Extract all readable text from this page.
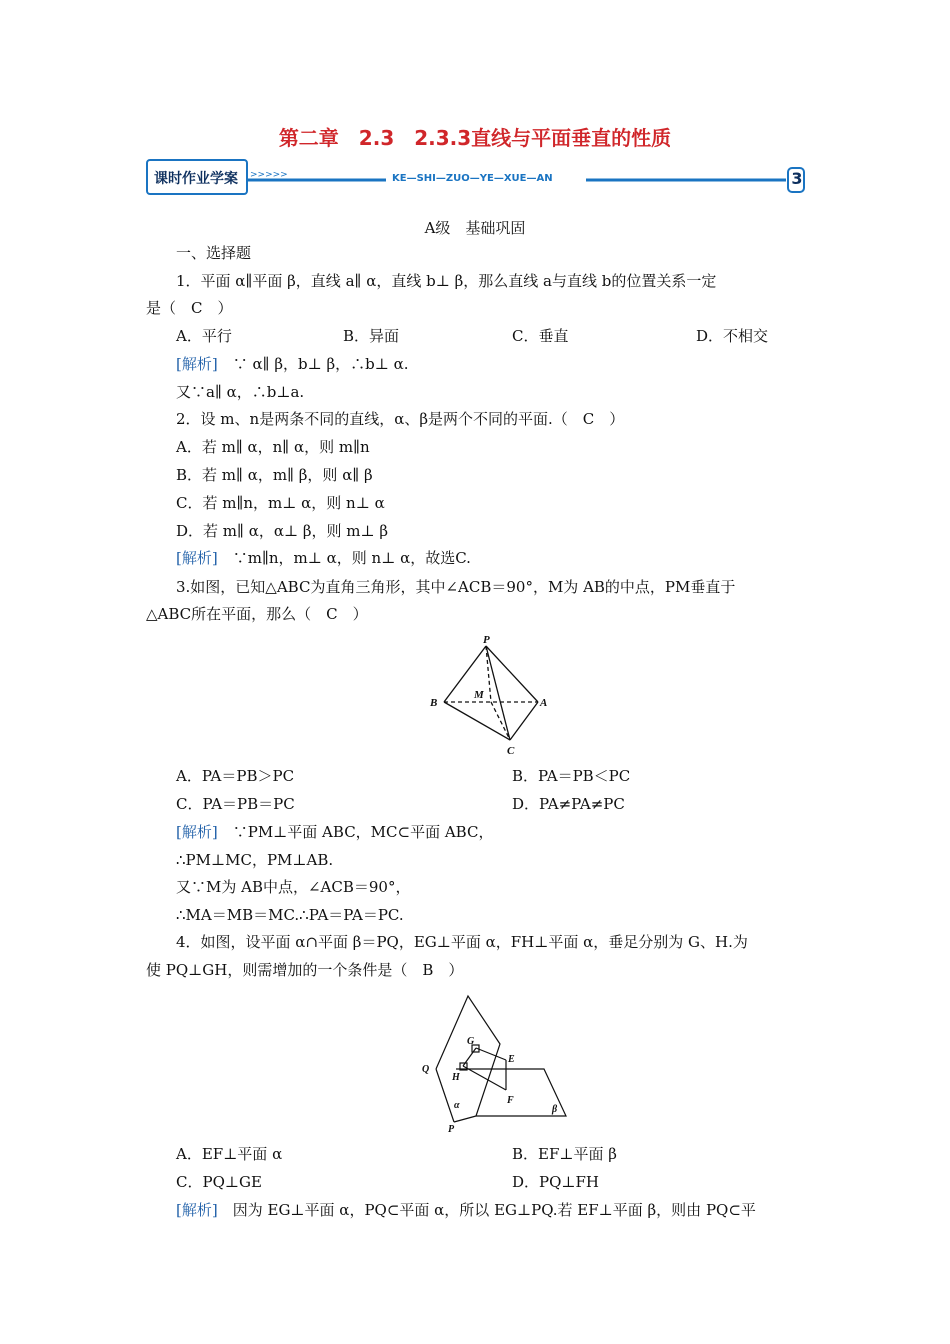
第二章　2.3　2.3.3直线与平面垂直的性质
课时作业学案 >>>>>	KE—SHI—ZUO—YE—XUE—AN	3
A级　基础巩固
一、选择题
1．平面 α∥平面 β，直线 a∥ α，直线 b⊥ β，那么直线 a与直线 b的位置关系一定
是（　C　）
A．平行	B．异面	C．垂直	D．不相交
[解析]　 ∵ α∥ β，b⊥ β，∴b⊥ α.
又∵a∥ α，∴b⊥a.
2．设 m、n是两条不同的直线，α、β是两个不同的平面.（　C　）
A．若 m∥ α，n∥ α，则 m∥n
B．若 m∥ α，m∥ β，则 α∥ β
C．若 m∥n，m⊥ α，则 n⊥ α
D．若 m∥ α，α⊥ β，则 m⊥ β
[解析]　 ∵m∥n，m⊥ α，则 n⊥ α，故选C.
3.如图，已知△ABC为直角三角形，其中∠ACB＝90°，M为 AB的中点，PM垂直于
△ABC所在平面，那么（　C　）
P
M
B	A
C
A．PA＝PB＞PC	B．PA＝PB＜PC
C．PA＝PB＝PC	D．PA≠PA≠PC
[解析]　 ∵PM⊥平面 ABC，MC⊂平面 ABC，
∴PM⊥MC，PM⊥AB.
又∵M为 AB中点，∠ACB＝90°，
∴MA＝MB＝MC.∴PA＝PA＝PC.
4．如图，设平面 α∩平面 β＝PQ，EG⊥平面 α，FH⊥平面 α，垂足分别为 G、H.为
使 PQ⊥GH，则需增加的一个条件是（　B　）
G
E
Q
H
F
α	β
P
A．EF⊥平面 α	B．EF⊥平面 β
C．PQ⊥GE	D．PQ⊥FH
[解析]　 因为 EG⊥平面 α，PQ⊂平面 α，所以 EG⊥PQ.若 EF⊥平面 β，则由 PQ⊂平
